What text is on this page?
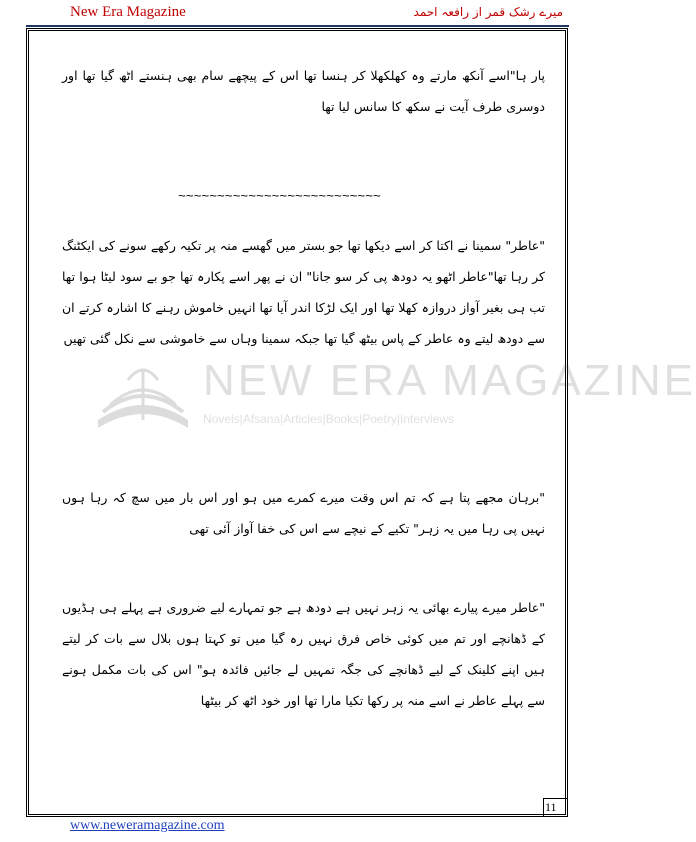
New Era Magazine	میرے رشک قمر از رافعہ احمد
NEW ERA MAGAZINE
Novels|Afsana|Articles|Books|Poetry|Interviews

پار ہا"اسے آنکھ مارتے وہ کھلکھلا کر ہنسا تھا اس کے پیچھے سام بھی ہنستے اٹھ گیا تھا اور دوسری طرف آیت نے سکھ کا سانس لیا تھا

~~~~~~~~~~~~~~~~~~~~~~~~~~

"عاطر" سمینا نے اکتا کر اسے دیکھا تھا جو بستر میں گھسے منہ پر تکیہ رکھے سونے کی ایکٹنگ کر رہا تھا"عاطر اٹھو یہ دودھ پی کر سو جانا" ان نے پھر اسے پکارہ تھا جو بے سود لیٹا ہوا تھا تب ہی بغیر آواز دروازہ کھلا تھا اور ایک لڑکا اندر آیا تھا انہیں خاموش رہنے کا اشارہ کرتے ان سے دودھ لیتے وہ عاطر کے پاس بیٹھ گیا تھا جبکہ سمینا وہاں سے خاموشی سے نکل گئی تھیں

"برہان مجھے پتا ہے کہ تم اس وقت میرے کمرے میں ہو اور اس بار میں سچ کہ رہا ہوں نہیں پی رہا میں یہ زہر" تکیے کے نیچے سے اس کی خفا آواز آئی تھی

"عاطر میرے پیارے بھائی یہ زہر نہیں ہے دودھ ہے جو تمہارے لیے ضروری ہے پہلے ہی ہڈیوں کے ڈھانچے اور تم میں کوئی خاص فرق نہیں رہ گیا میں تو کہتا ہوں بلال سے بات کر لیتے ہیں اپنے کلینک کے لیے ڈھانچے کی جگہ تمہیں لے جائیں فائدہ ہو" اس کی بات مکمل ہونے سے پہلے عاطر نے اسے منہ پر رکھا تکیا مارا تھا اور خود اٹھ کر بیٹھا

11
www.neweramagazine.com
